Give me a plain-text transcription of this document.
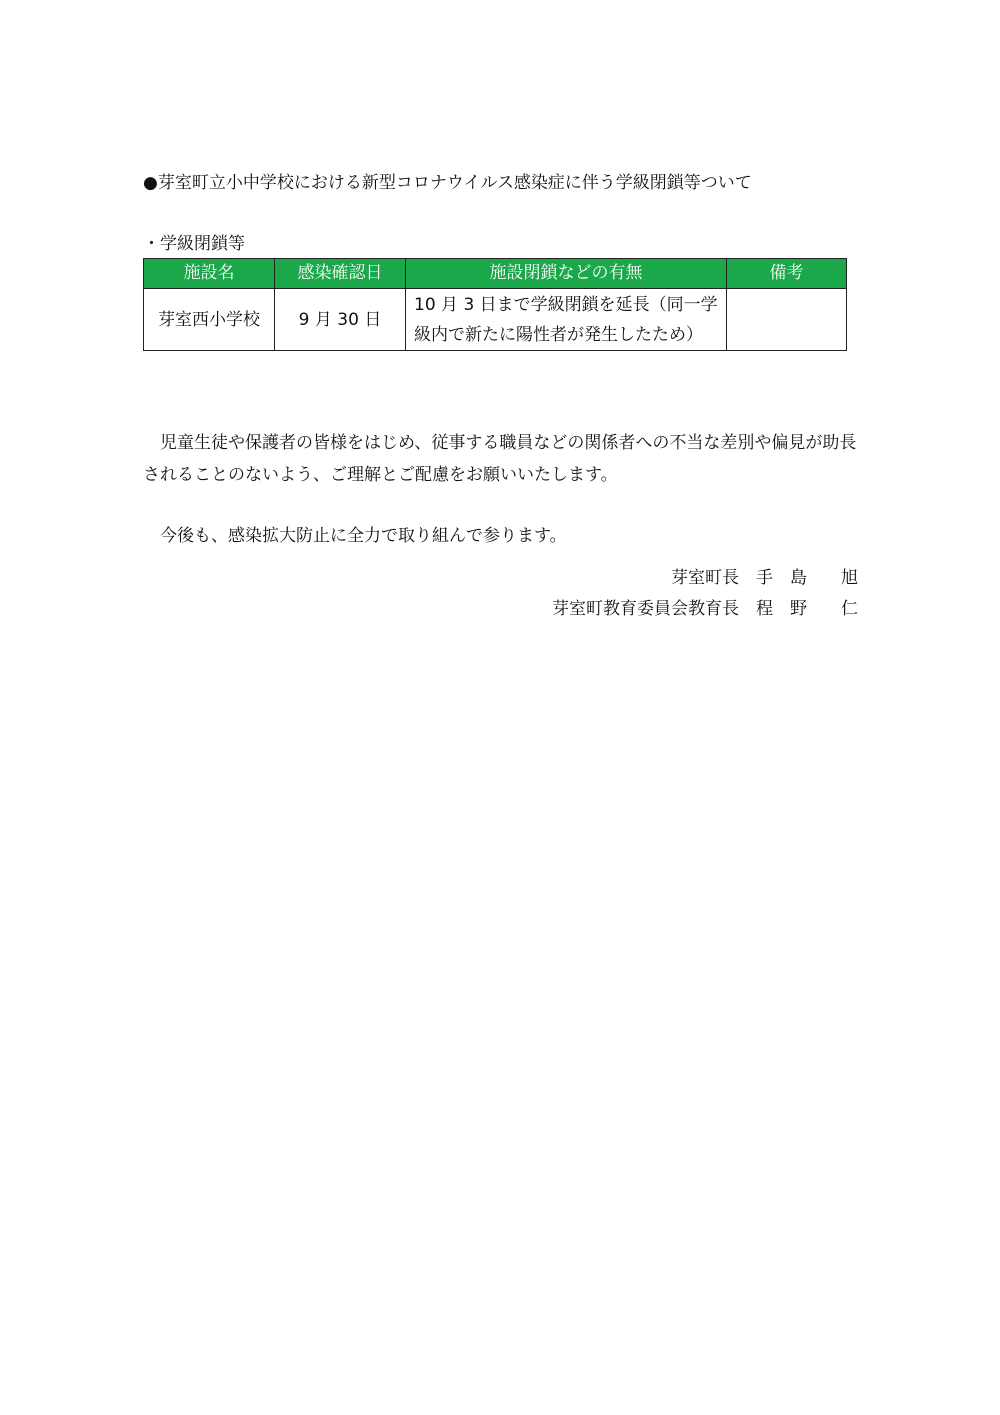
●芽室町立小中学校における新型コロナウイルス感染症に伴う学級閉鎖等ついて
・学級閉鎖等
施設名	感染確認日	施設閉鎖などの有無	備考
芽室西小学校	9 月 30 日	10 月 3 日まで学級閉鎖を延長（同一学
級内で新たに陽性者が発生したため）	

児童生徒や保護者の皆様をはじめ、従事する職員などの関係者への不当な差別や偏見が助長されることのないよう、ご理解とご配慮をお願いいたします。

今後も、感染拡大防止に全力で取り組んで参ります。

芽室町長　手　島　　旭
芽室町教育委員会教育長　程　野　　仁
